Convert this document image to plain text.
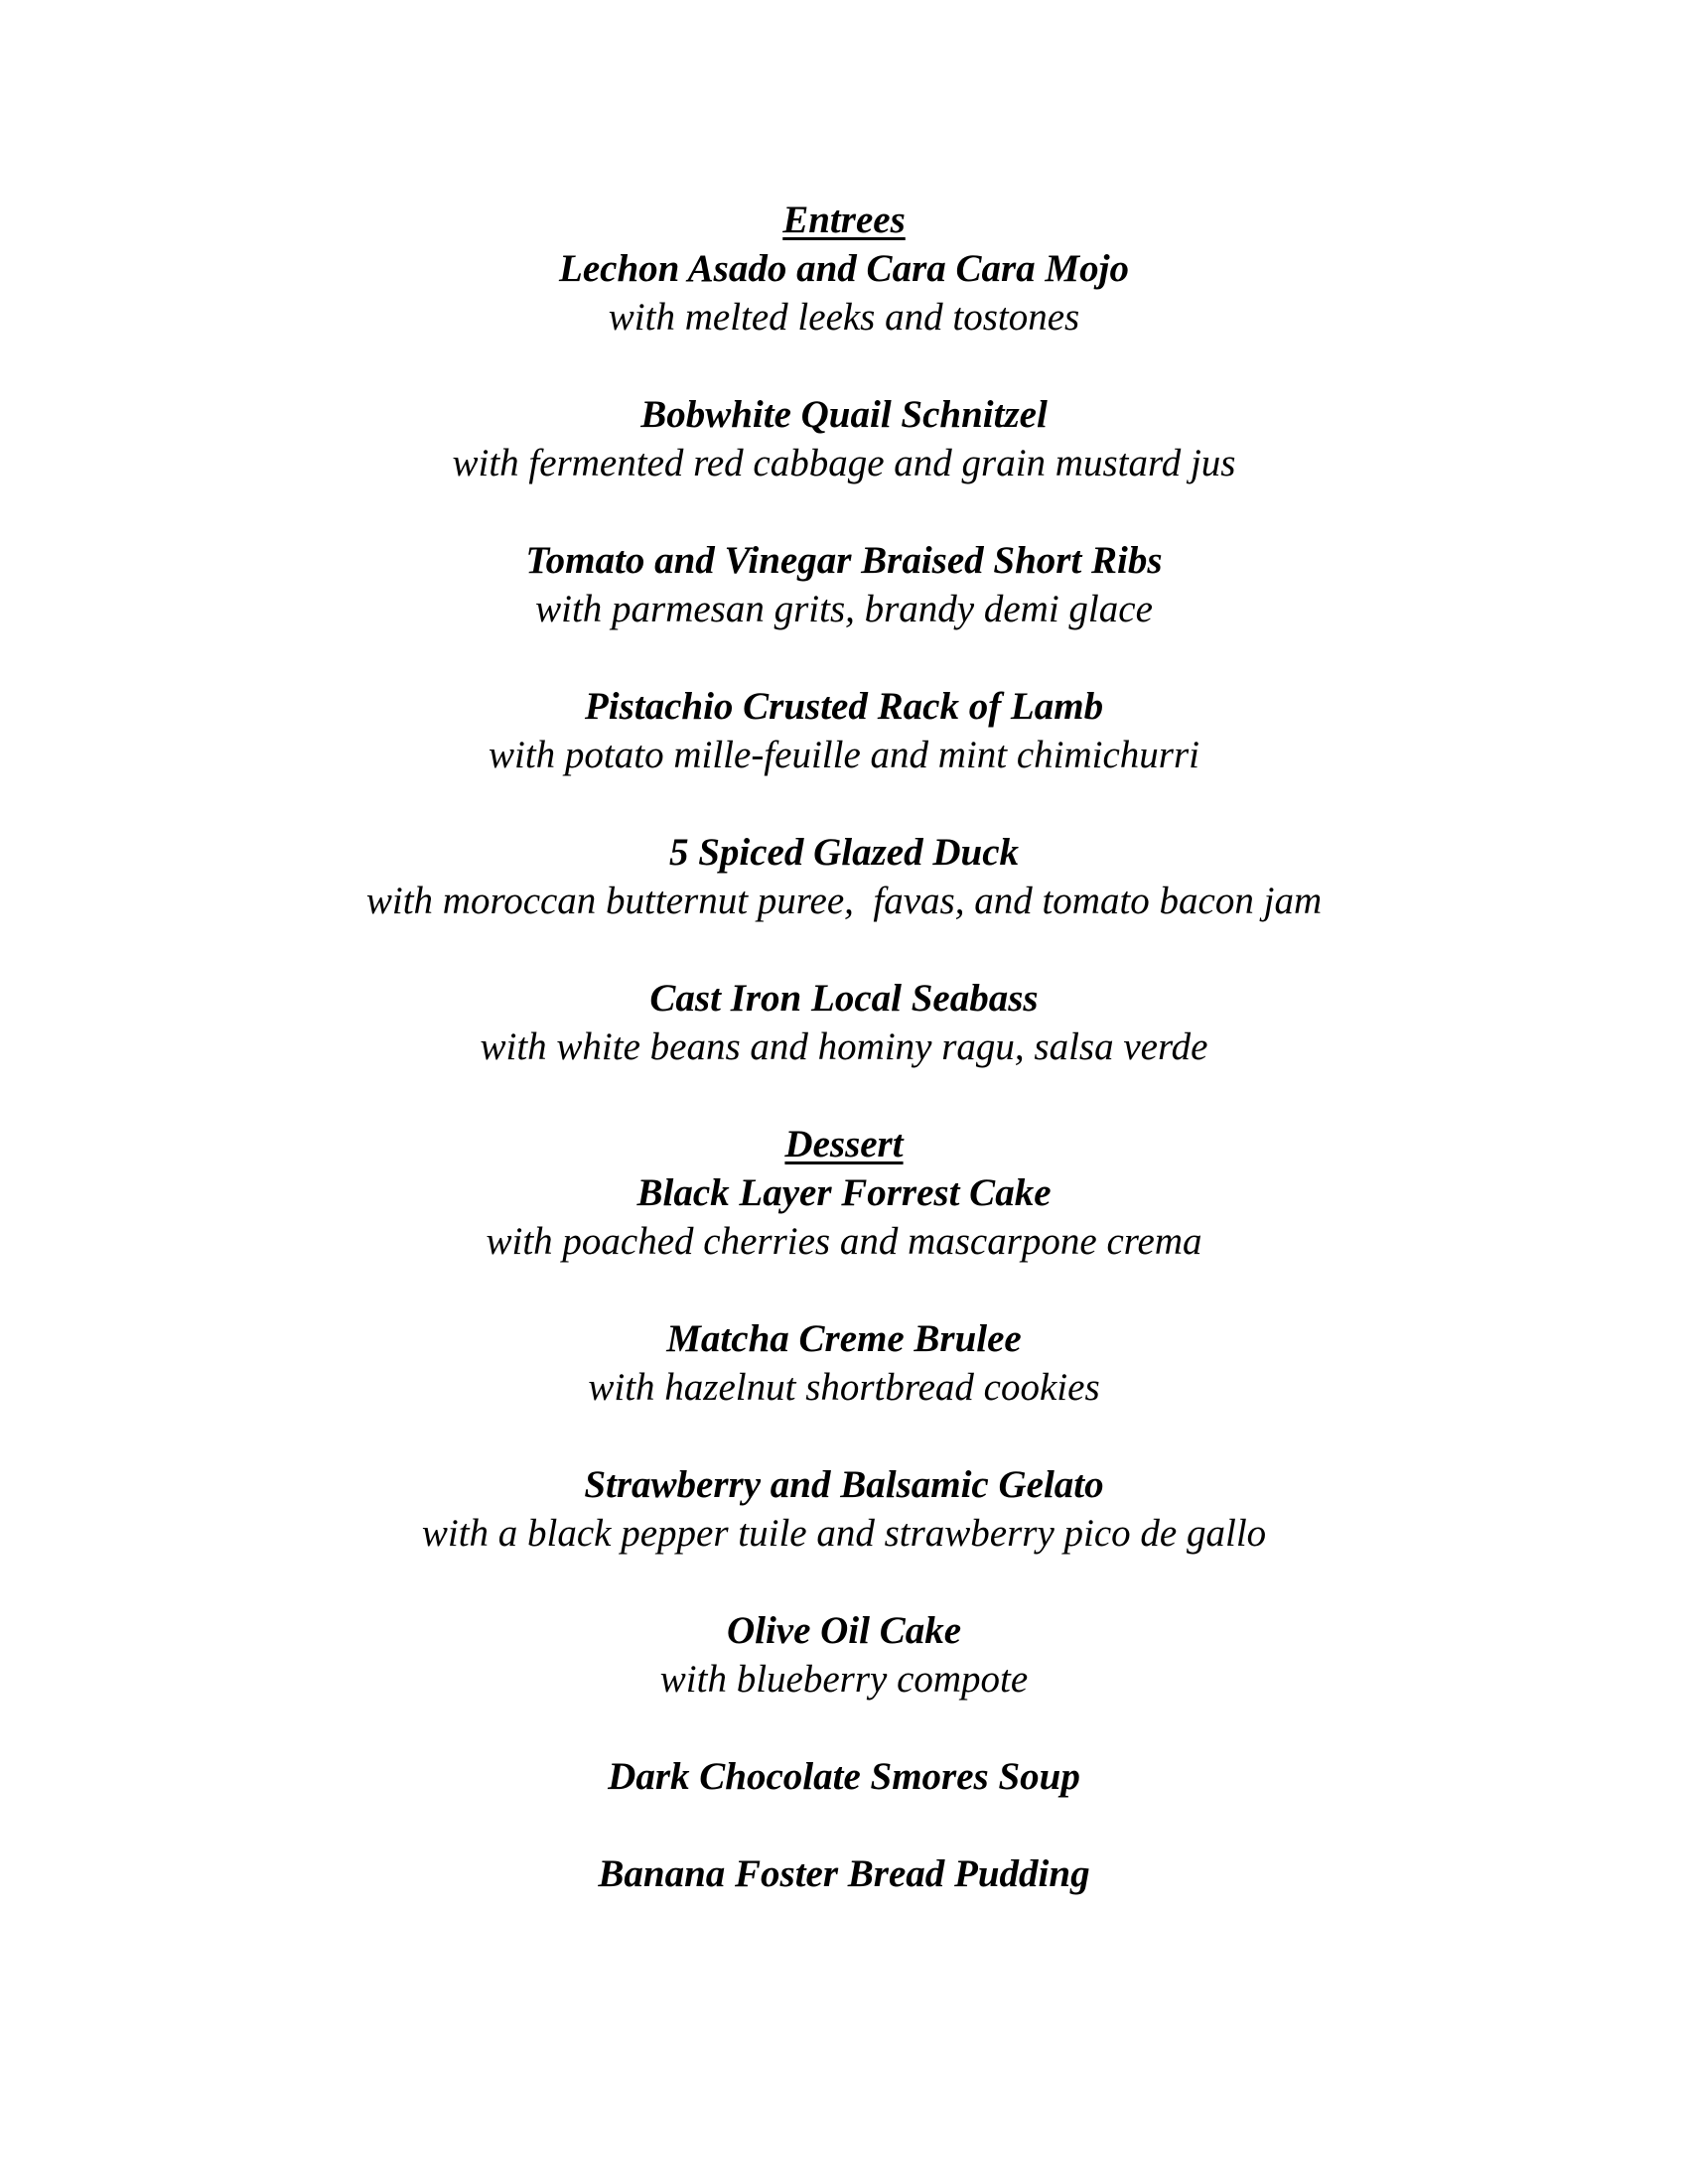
Entrees

Lechon Asado and Cara Cara Mojo

with melted leeks and tostones

Bobwhite Quail Schnitzel

with fermented red cabbage and grain mustard jus

Tomato and Vinegar Braised Short Ribs

with parmesan grits, brandy demi glace

Pistachio Crusted Rack of Lamb

with potato mille-feuille and mint chimichurri

5 Spiced Glazed Duck

with moroccan butternut puree,  favas, and tomato bacon jam

Cast Iron Local Seabass

with white beans and hominy ragu, salsa verde

Dessert

Black Layer Forrest Cake

with poached cherries and mascarpone crema

Matcha Creme Brulee

with hazelnut shortbread cookies

Strawberry and Balsamic Gelato

with a black pepper tuile and strawberry pico de gallo

Olive Oil Cake

with blueberry compote

Dark Chocolate Smores Soup

Banana Foster Bread Pudding
